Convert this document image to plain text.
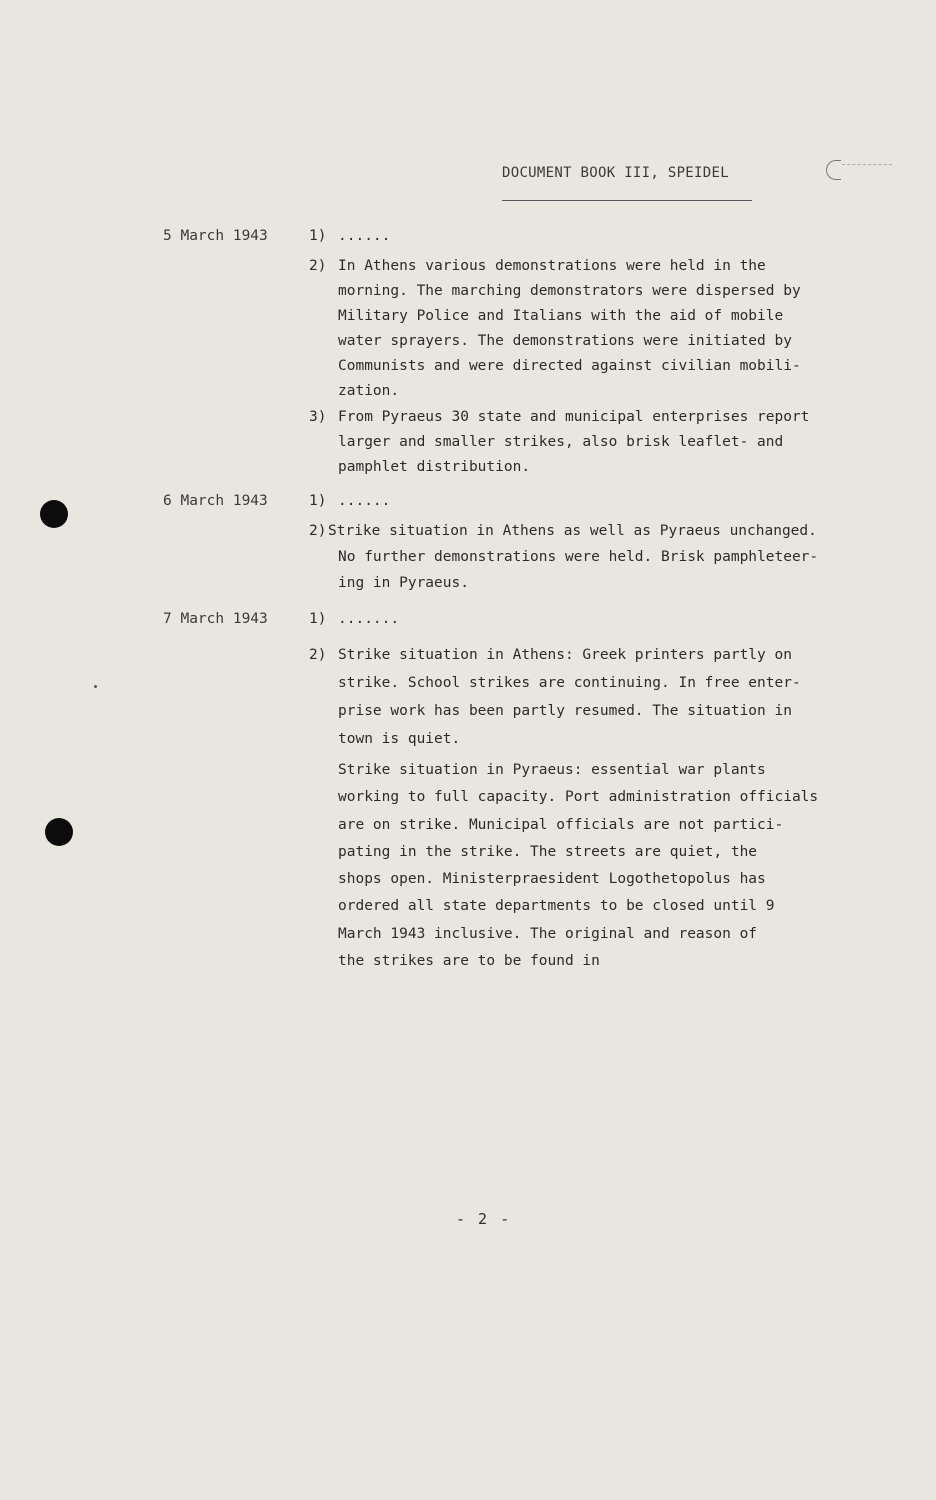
DOCUMENT BOOK III, SPEIDEL
5 March 1943	1) ......
2) In Athens various demonstrations were held in the
morning. The marching demonstrators were dispersed by
Military Police and Italians with the aid of mobile
water sprayers. The demonstrations were initiated by
Communists and were directed against civilian mobili-
zation.
3) From Pyraeus 30 state and municipal enterprises report
larger and smaller strikes, also brisk leaflet- and
pamphlet distribution.
6 March 1943	1) ......
2) Strike situation in Athens as well as Pyraeus unchanged.
No further demonstrations were held. Brisk pamphleteer-
ing in Pyraeus.
7 March 1943	1) .......
2) Strike situation in Athens: Greek printers partly on
strike. School strikes are continuing. In free enter-
prise work has been partly resumed. The situation in
town is quiet.
Strike situation in Pyraeus: essential war plants
working to full capacity. Port administration officials
are on strike. Municipal officials are not partici-
pating in the strike. The streets are quiet, the
shops open. Ministerpraesident Logothetopolus has
ordered all state departments to be closed until 9
March 1943 inclusive. The original and reason of
the strikes are to be found in
- 2 -
